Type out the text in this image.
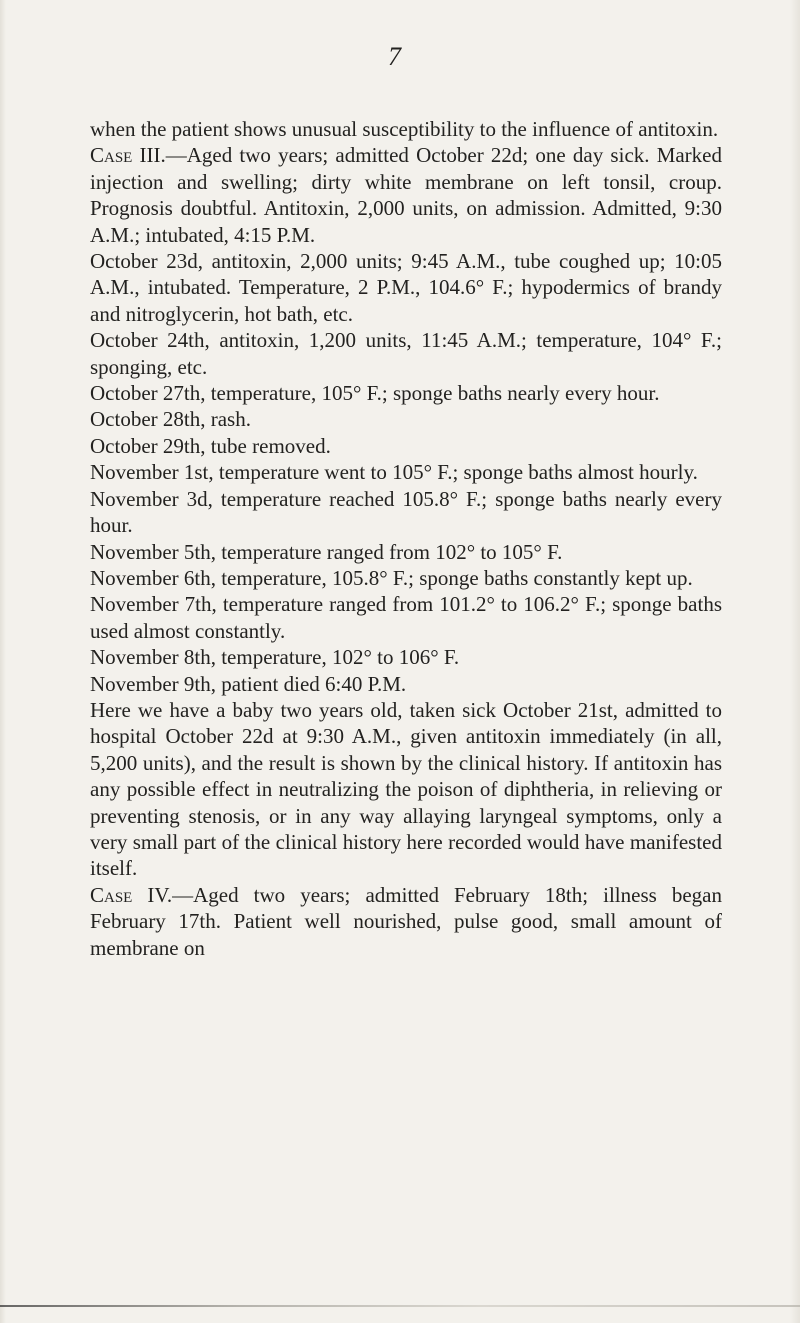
7

when the patient shows unusual susceptibility to the influence of antitoxin.

Case III.—Aged two years; admitted October 22d; one day sick. Marked injection and swelling; dirty white membrane on left tonsil, croup. Prognosis doubtful. Antitoxin, 2,000 units, on admission. Admitted, 9:30 A.M.; intubated, 4:15 P.M.

October 23d, antitoxin, 2,000 units; 9:45 A.M., tube coughed up; 10:05 A.M., intubated. Temperature, 2 P.M., 104.6° F.; hypodermics of brandy and nitroglycerin, hot bath, etc.

October 24th, antitoxin, 1,200 units, 11:45 A.M.; temperature, 104° F.; sponging, etc.

October 27th, temperature, 105° F.; sponge baths nearly every hour.

October 28th, rash.

October 29th, tube removed.

November 1st, temperature went to 105° F.; sponge baths almost hourly.

November 3d, temperature reached 105.8° F.; sponge baths nearly every hour.

November 5th, temperature ranged from 102° to 105° F.

November 6th, temperature, 105.8° F.; sponge baths constantly kept up.

November 7th, temperature ranged from 101.2° to 106.2° F.; sponge baths used almost constantly.

November 8th, temperature, 102° to 106° F.

November 9th, patient died 6:40 P.M.

Here we have a baby two years old, taken sick October 21st, admitted to hospital October 22d at 9:30 A.M., given antitoxin immediately (in all, 5,200 units), and the result is shown by the clinical history. If antitoxin has any possible effect in neutralizing the poison of diphtheria, in relieving or preventing stenosis, or in any way allaying laryngeal symptoms, only a very small part of the clinical history here recorded would have manifested itself.

Case IV.—Aged two years; admitted February 18th; illness began February 17th. Patient well nourished, pulse good, small amount of membrane on
